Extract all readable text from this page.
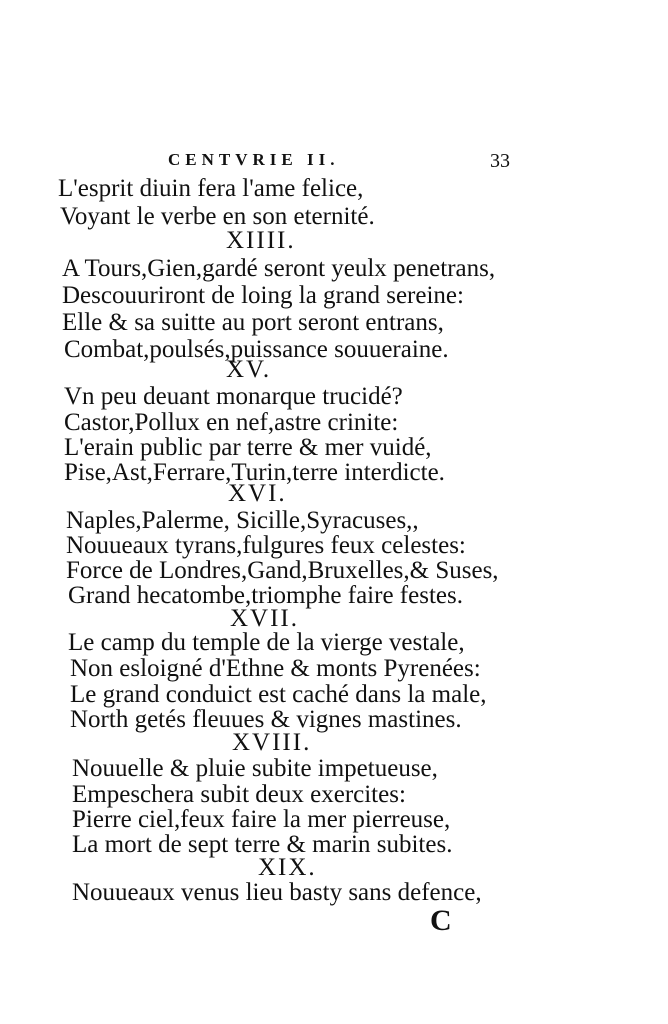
CENTVRIE II.	33
L'esprit diuin fera l'ame felice,
Voyant le verbe en son eternité.
XIIII.
A Tours,Gien,gardé seront yeulx penetrans,
Descouuriront de loing la grand sereine:
Elle & sa suitte au port seront entrans,
Combat,poulsés,puissance souueraine.
XV.
Vn peu deuant monarque trucidé?
Castor,Pollux en nef,astre crinite:
L'erain public par terre & mer vuidé,
Pise,Ast,Ferrare,Turin,terre interdicte.
XVI.
Naples,Palerme, Sicille,Syracuses,,
Nouueaux tyrans,fulgures feux celestes:
Force de Londres,Gand,Bruxelles,& Suses,
Grand hecatombe,triomphe faire festes.
XVII.
Le camp du temple de la vierge vestale,
Non esloigné d'Ethne & monts Pyrenées:
Le grand conduict est caché dans la male,
North getés fleuues & vignes mastines.
XVIII.
Nouuelle & pluie subite impetueuse,
Empeschera subit deux exercites:
Pierre ciel,feux faire la mer pierreuse,
La mort de sept terre & marin subites.
XIX.
Nouueaux venus lieu basty sans defence,
C
